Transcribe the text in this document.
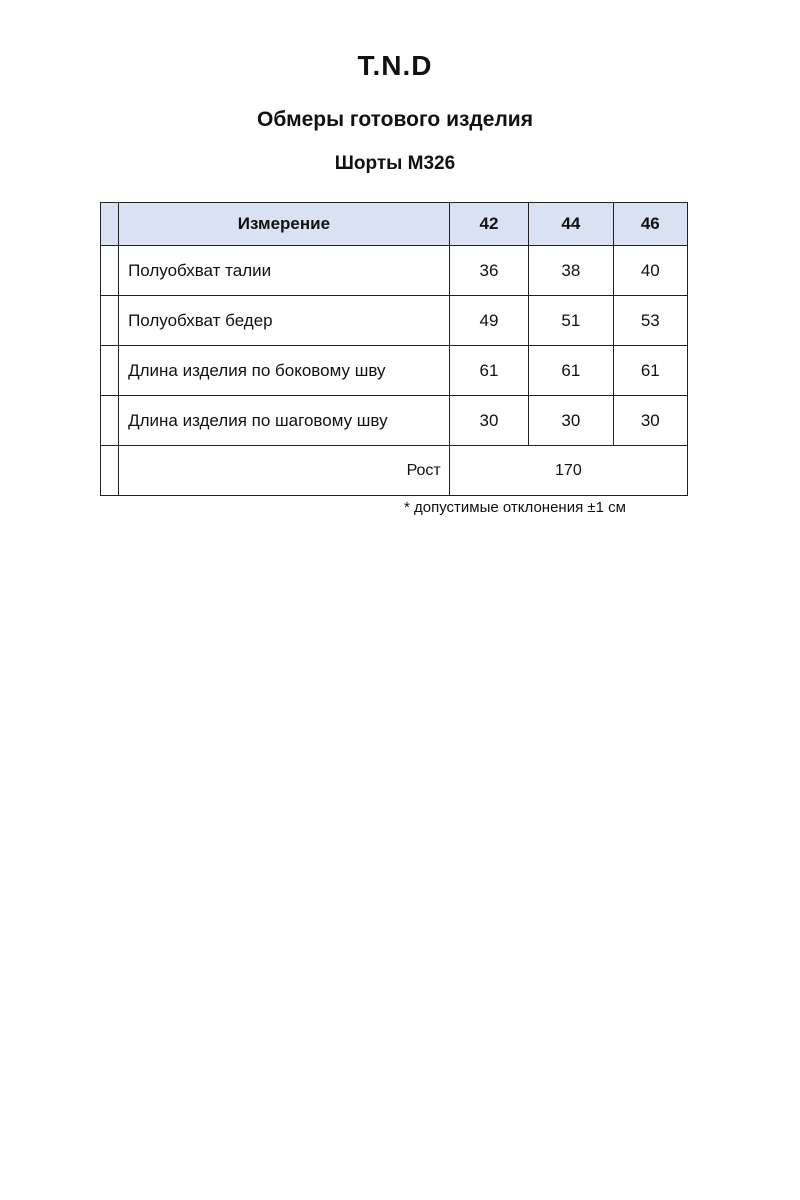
T.N.D
Обмеры готового изделия
Шорты М326
	Измерение	42	44	46
	Полуобхват талии	36	38	40
	Полуобхват бедер	49	51	53
	Длина изделия по боковому шву	61	61	61
	Длина изделия по шаговому шву	30	30	30
	Рост	170		
* допустимые отклонения ±1 см
